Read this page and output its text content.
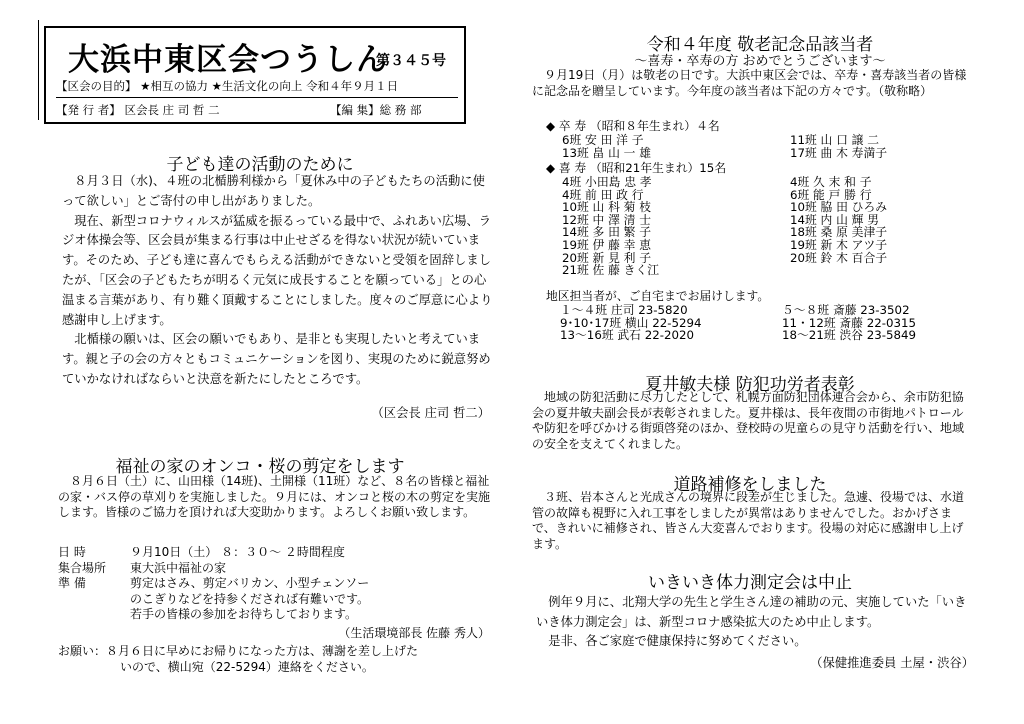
大浜中東区会つうしん
第３４５号
【区会の目的】 ★相互の協力 ★生活文化の向上 令和４年９月１日
【発 行 者】 区会長 庄 司 哲 二	【編 集】総 務 部
子ども達の活動のために

８月３日（水)、４班の北楯勝利様から「夏休み中の子どもたちの活動に使って欲しい」とご寄付の申し出がありました。

現在、新型コロナウィルスが猛威を振るっている最中で、ふれあい広場、ラジオ体操会等、区会員が集まる行事は中止せざるを得ない状況が続いています。そのため、子ども達に喜んでもらえる活動ができないと受領を固辞しましたが、「区会の子どもたちが明るく元気に成長することを願っている」との心温まる言葉があり、有り難く頂戴することにしました。度々のご厚意に心より感謝申し上げます。

北楯様の願いは、区会の願いでもあり、是非とも実現したいと考えています。親と子の会の方々ともコミュニケーションを図り、実現のために鋭意努めていかなければならいと決意を新たにしたところです。

（区会長 庄司 哲二）
福祉の家のオンコ・桜の剪定をします
８月６日（土）に、山田様（14班)、土開様（11班）など、８名の皆様と福祉の家・バス停の草刈りを実施しました。９月には、オンコと桜の木の剪定を実施します。皆様のご協力を頂ければ大変助かります。よろしくお願い致します。

日 時	９月10日（土） ８：３０～ ２時間程度

集合場所 東大浜中福祉の家

準 備	剪定はさみ、剪定バリカン、小型チェンソー

のこぎりなどを持参くだされば有難いです。

若手の皆様の参加をお待ちしております。

（生活環境部長 佐藤 秀人）

お願い：８月６日に早めにお帰りになった方は、薄謝を差し上げた

いので、横山宛（22-5294）連絡をください。

令和４年度 敬老記念品該当者
～喜寿・卒寿の方 おめでとうございます～
９月19日（月）は敬老の日です。大浜中東区会では、卒寿・喜寿該当者の皆様に記念品を贈呈しています。今年度の該当者は下記の方々です。（敬称略）
◆ 卒 寿 （昭和８年生まれ）４名
6班 安 田 洋 子	11班 山 口 譲 二
13班 畠 山 一 雄	17班 曲 木 寿満子
◆ 喜 寿 （昭和21年生まれ）15名
4班 小田島 忠 孝	4班 久 末 和 子
4班 前 田 政 行	6班 能 戸 勝 行
10班 山 科 菊 枝	10班 脇 田 ひろみ
12班 中 澤 清 士	14班 内 山 輝 男
14班 多 田 繁 子	18班 桑 原 美津子
19班 伊 藤 幸 恵	19班 新 木 アツ子
20班 新 見 利 子	20班 鈴 木 百合子
21班 佐 藤 きく江	
地区担当者が、ご自宅までお届けします。
１～４班 庄司 23-5820	５～８班 斎藤 23-3502
9･10･17班 横山 22-5294	11・12班 斎藤 22-0315
13～16班 武石 22-2020	18～21班 渋谷 23-5849
夏井敏夫様 防犯功労者表彰
地域の防犯活動に尽力したとして、札幌方面防犯団体連合会から、余市防犯協会の夏井敏夫副会長が表彰されました。夏井様は、長年夜間の市街地パトロールや防犯を呼びかける街頭啓発のほか、登校時の児童らの見守り活動を行い、地域の安全を支えてくれました。
道路補修をしました
３班、岩本さんと光成さんの境界に段差が生じました。急遽、役場では、水道管の故障も視野に入れ工事をしましたが異常はありませんでした。おかげさまで、きれいに補修され、皆さん大変喜んでおります。役場の対応に感謝申し上げます。
いきいき体力測定会は中止
例年９月に、北翔大学の先生と学生さん達の補助の元、実施していた「いきいき体力測定会」は、新型コロナ感染拡大のため中止します。
是非、各ご家庭で健康保持に努めてください。
（保健推進委員 土屋・渋谷）
